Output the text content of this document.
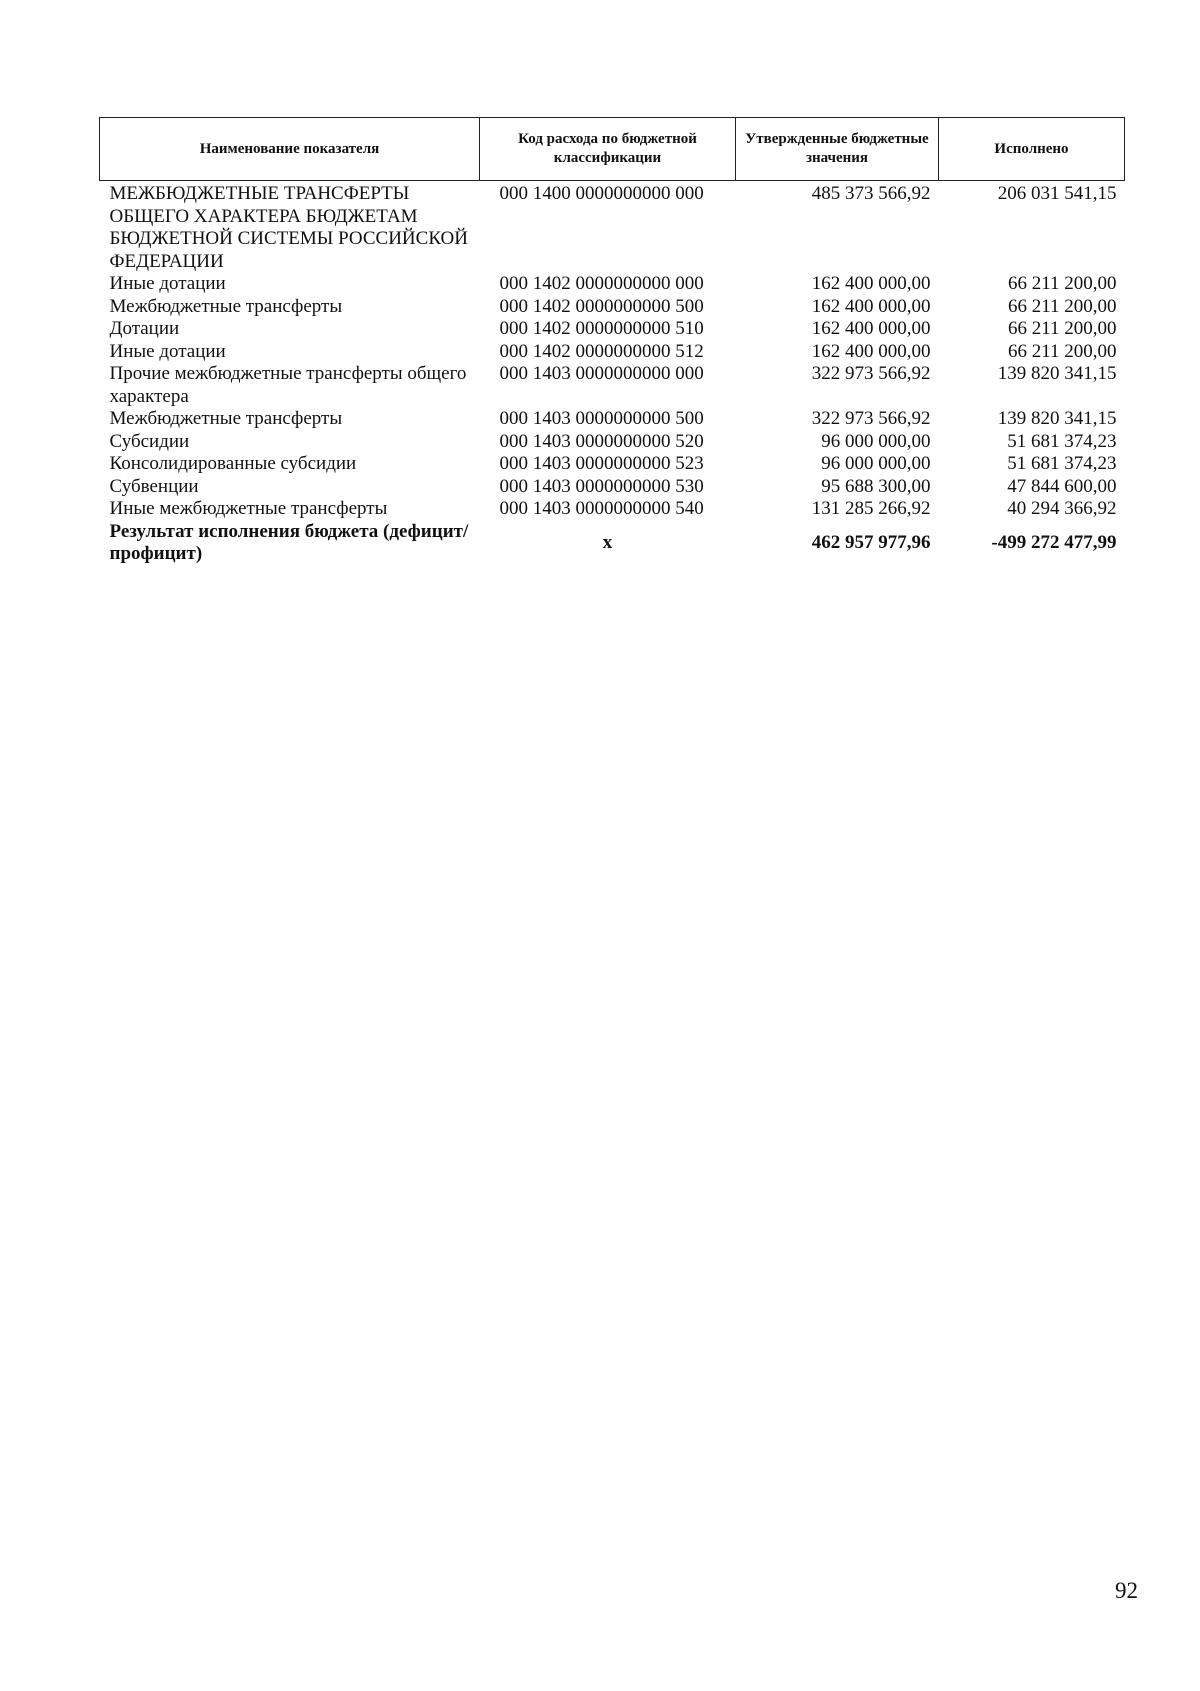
Наименование показателя	Код расхода по бюджетной классификации	Утвержденные бюджетные значения	Исполнено
МЕЖБЮДЖЕТНЫЕ ТРАНСФЕРТЫ ОБЩЕГО ХАРАКТЕРА БЮДЖЕТАМ БЮДЖЕТНОЙ СИСТЕМЫ РОССИЙСКОЙ ФЕДЕРАЦИИ	000 1400 0000000000 000	485 373 566,92	206 031 541,15
Иные дотации	000 1402 0000000000 000	162 400 000,00	66 211 200,00
Межбюджетные трансферты	000 1402 0000000000 500	162 400 000,00	66 211 200,00
Дотации	000 1402 0000000000 510	162 400 000,00	66 211 200,00
Иные дотации	000 1402 0000000000 512	162 400 000,00	66 211 200,00
Прочие межбюджетные трансферты общего характера	000 1403 0000000000 000	322 973 566,92	139 820 341,15
Межбюджетные трансферты	000 1403 0000000000 500	322 973 566,92	139 820 341,15
Субсидии	000 1403 0000000000 520	96 000 000,00	51 681 374,23
Консолидированные субсидии	000 1403 0000000000 523	96 000 000,00	51 681 374,23
Субвенции	000 1403 0000000000 530	95 688 300,00	47 844 600,00
Иные межбюджетные трансферты	000 1403 0000000000 540	131 285 266,92	40 294 366,92
Результат исполнения бюджета (дефицит/профицит)	x	462 957 977,96	-499 272 477,99
92
